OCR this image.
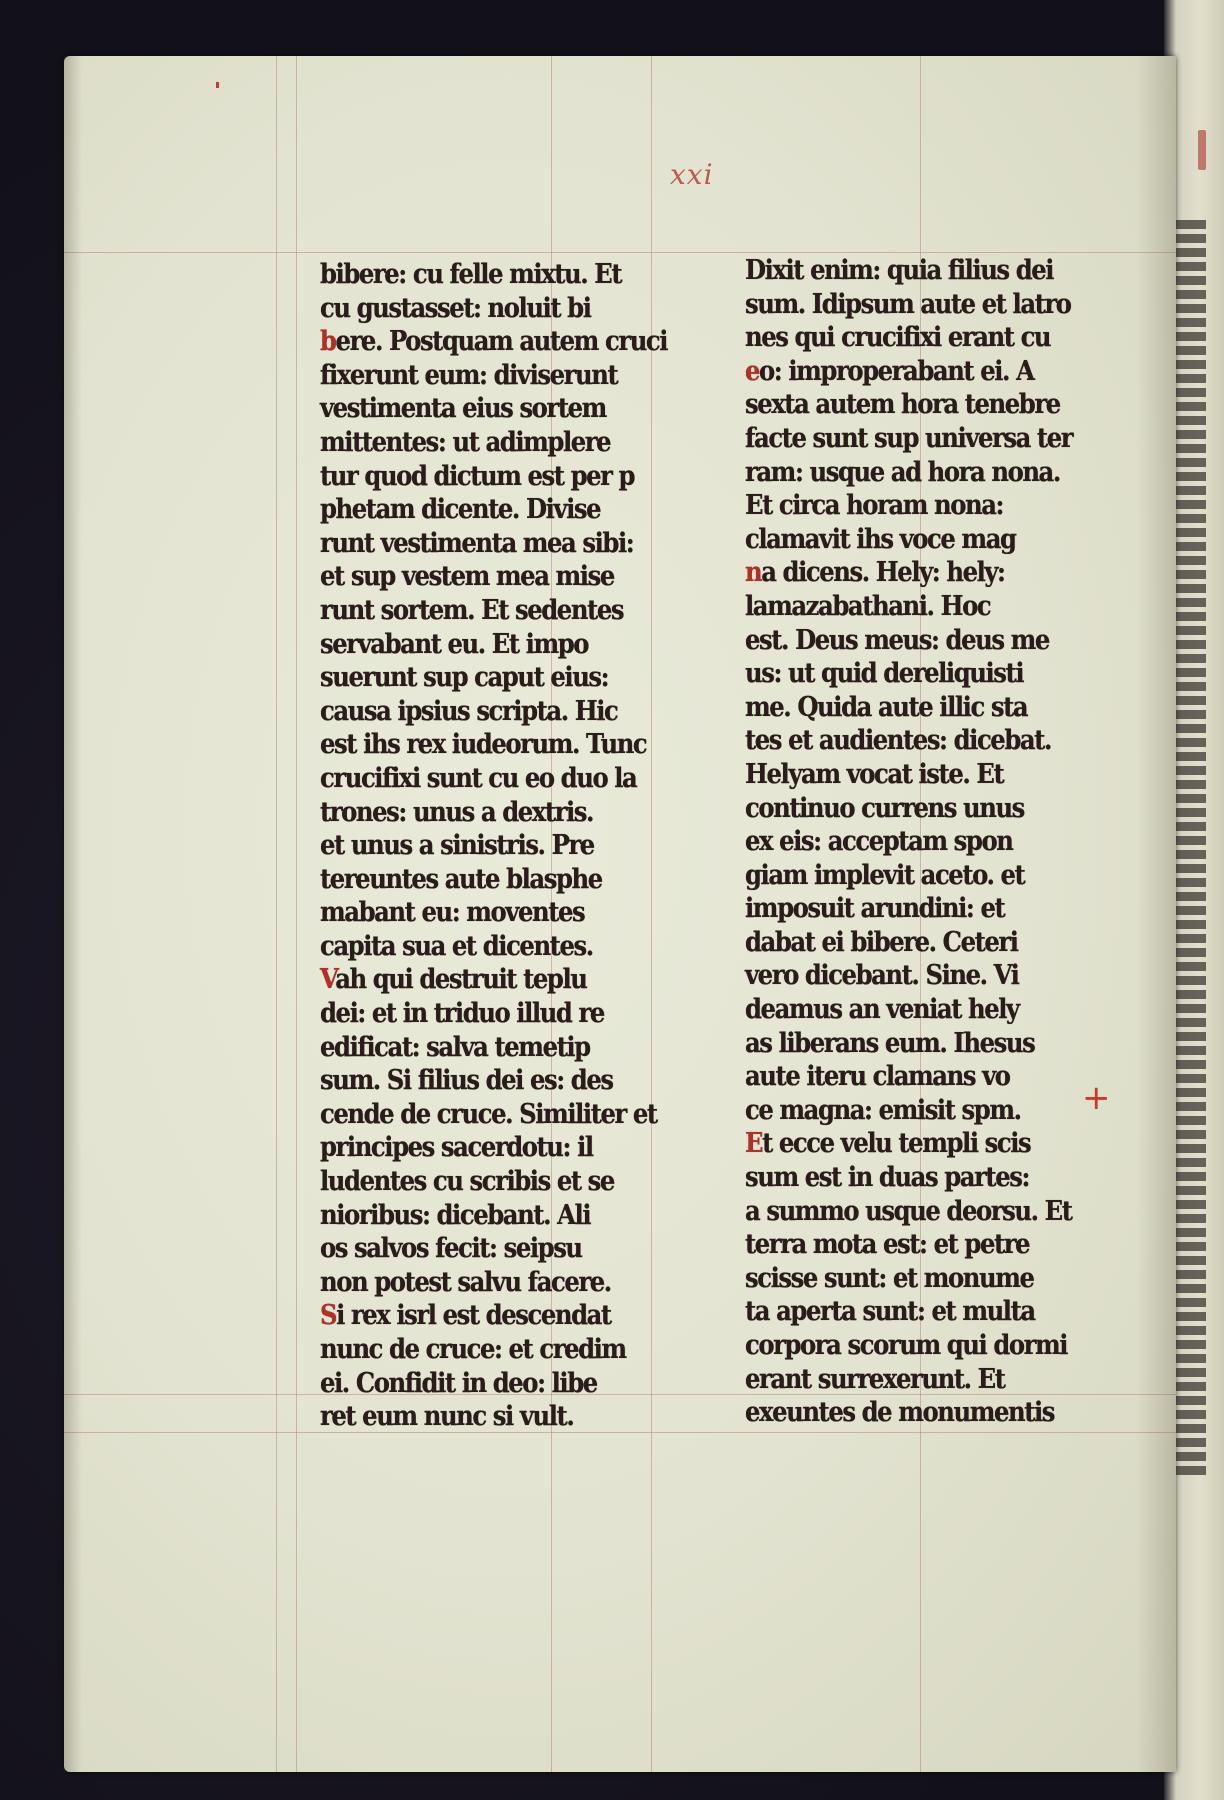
xxi
bibere: cu felle mixtu. Et
cu gustasset: noluit bi
bere. Postquam autem cruci
fixerunt eum: diviserunt
vestimenta eius sortem
mittentes: ut adimplere
tur quod dictum est per p
phetam dicente. Divise
runt vestimenta mea sibi:
et sup vestem mea mise
runt sortem. Et sedentes
servabant eu. Et impo
suerunt sup caput eius:
causa ipsius scripta. Hic
est ihs rex iudeorum. Tunc
crucifixi sunt cu eo duo la
trones: unus a dextris.
et unus a sinistris. Pre
tereuntes aute blasphe
mabant eu: moventes
capita sua et dicentes.
Vah qui destruit teplu
dei: et in triduo illud re
edificat: salva temetip
sum. Si filius dei es: des
cende de cruce. Similiter et
principes sacerdotu: il
ludentes cu scribis et se
nioribus: dicebant. Ali
os salvos fecit: seipsu
non potest salvu facere.
Si rex isrl est descendat
nunc de cruce: et credim
ei. Confidit in deo: libe
ret eum nunc si vult.
Dixit enim: quia filius dei
sum. Idipsum aute et latro
nes qui crucifixi erant cu
eo: improperabant ei. A
sexta autem hora tenebre
facte sunt sup universa ter
ram: usque ad hora nona.
Et circa horam nona:
clamavit ihs voce mag
na dicens. Hely: hely:
lamazabathani. Hoc
est. Deus meus: deus me
us: ut quid dereliquisti
me. Quida aute illic sta
tes et audientes: dicebat.
Helyam vocat iste. Et
continuo currens unus
ex eis: acceptam spon
giam implevit aceto. et
imposuit arundini: et
dabat ei bibere. Ceteri
vero dicebant. Sine. Vi
deamus an veniat hely
as liberans eum. Ihesus
aute iteru clamans vo
ce magna: emisit spm.
Et ecce velu templi scis
sum est in duas partes:
a summo usque deorsu. Et
terra mota est: et petre
scisse sunt: et monume
ta aperta sunt: et multa
corpora scorum qui dormi
erant surrexerunt. Et
exeuntes de monumentis
+
